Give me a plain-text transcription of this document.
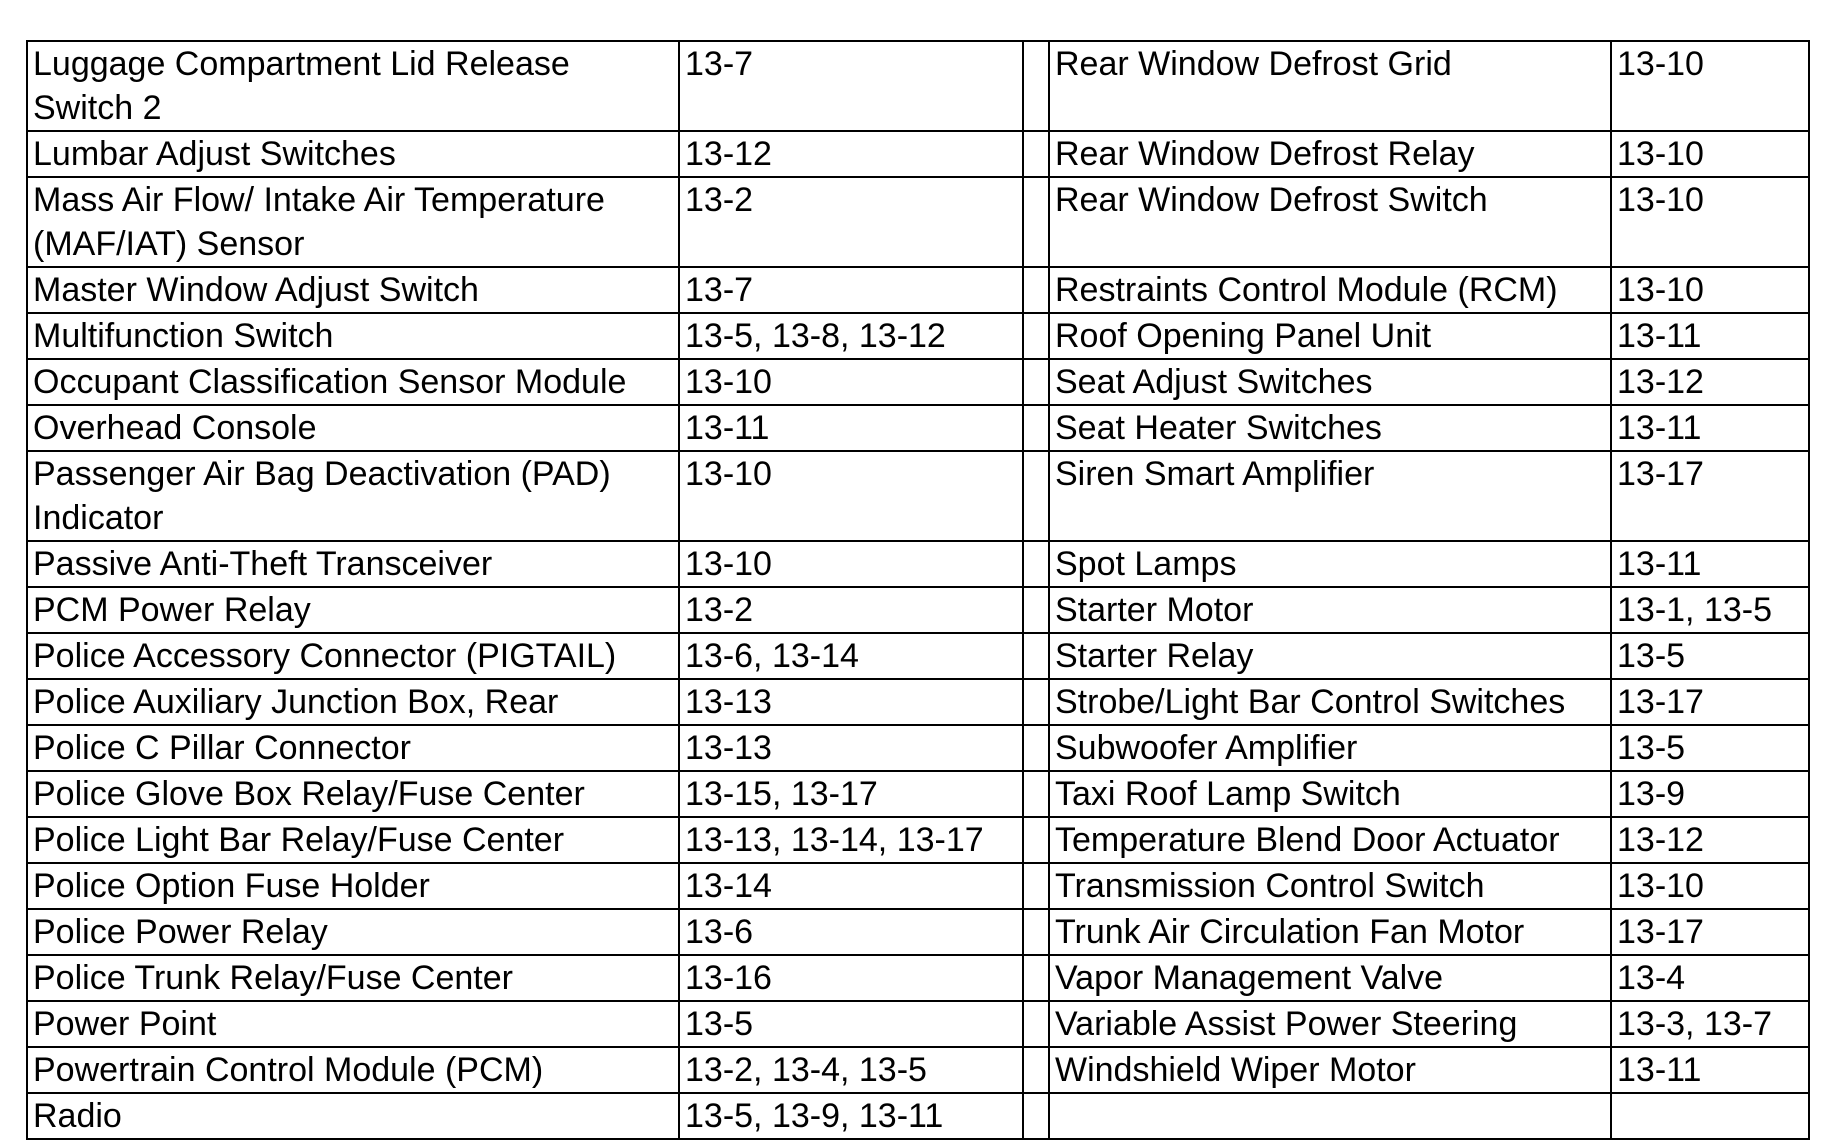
Luggage Compartment Lid Release Switch 2	13-7		Rear Window Defrost Grid	13-10
Lumbar Adjust Switches	13-12		Rear Window Defrost Relay	13-10
Mass Air Flow/ Intake Air Temperature (MAF/IAT) Sensor	13-2		Rear Window Defrost Switch	13-10
Master Window Adjust Switch	13-7		Restraints Control Module (RCM)	13-10
Multifunction Switch	13-5, 13-8, 13-12		Roof Opening Panel Unit	13-11
Occupant Classification Sensor Module	13-10		Seat Adjust Switches	13-12
Overhead Console	13-11		Seat Heater Switches	13-11
Passenger Air Bag Deactivation (PAD) Indicator	13-10		Siren Smart Amplifier	13-17
Passive Anti-Theft Transceiver	13-10		Spot Lamps	13-11
PCM Power Relay	13-2		Starter Motor	13-1, 13-5
Police Accessory Connector (PIGTAIL)	13-6, 13-14		Starter Relay	13-5
Police Auxiliary Junction Box, Rear	13-13		Strobe/Light Bar Control Switches	13-17
Police C Pillar Connector	13-13		Subwoofer Amplifier	13-5
Police Glove Box Relay/Fuse Center	13-15, 13-17		Taxi Roof Lamp Switch	13-9
Police Light Bar Relay/Fuse Center	13-13, 13-14, 13-17		Temperature Blend Door Actuator	13-12
Police Option Fuse Holder	13-14		Transmission Control Switch	13-10
Police Power Relay	13-6		Trunk Air Circulation Fan Motor	13-17
Police Trunk Relay/Fuse Center	13-16		Vapor Management Valve	13-4
Power Point	13-5		Variable Assist Power Steering	13-3, 13-7
Powertrain Control Module (PCM)	13-2, 13-4, 13-5		Windshield Wiper Motor	13-11
Radio	13-5, 13-9, 13-11			
